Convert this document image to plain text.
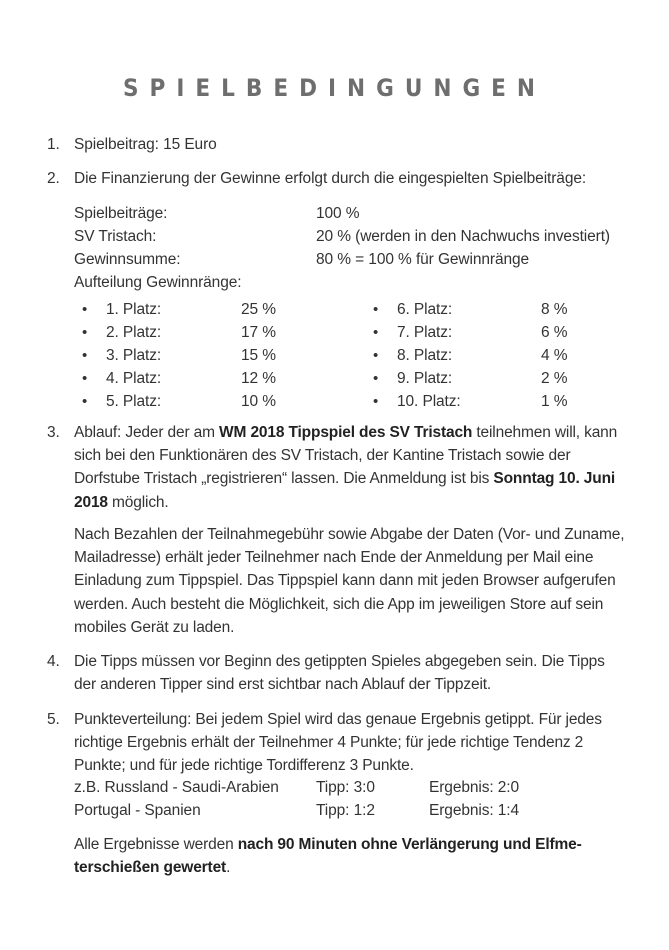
SPIELBEDINGUNGEN
1. Spielbeitrag: 15 Euro
2. Die Finanzierung der Gewinne erfolgt durch die eingespielten Spielbeiträge:
Spielbeiträge:	100 %
SV Tristach:	20 % (werden in den Nachwuchs investiert)
Gewinnsumme:	80 % = 100 % für Gewinnränge
Aufteilung Gewinnränge:
• 1. Platz:	25 %
• 2. Platz:	17 %
• 3. Platz:	15 %
• 4. Platz:	12 %
• 5. Platz:	10 %
• 6. Platz:	8 %
• 7. Platz:	6 %
• 8. Platz:	4 %
• 9. Platz:	2 %
• 10. Platz:	1 %
3. Ablauf: Jeder der am WM 2018 Tippspiel des SV Tristach teilnehmen will, kann sich bei den Funktionären des SV Tristach, der Kantine Tristach sowie der Dorfstube Tristach „registrieren“ lassen. Die Anmeldung ist bis Sonntag 10. Juni 2018 möglich.
Nach Bezahlen der Teilnahmegebühr sowie Abgabe der Daten (Vor- und Zuname, Mailadresse) erhält jeder Teilnehmer nach Ende der Anmeldung per Mail eine Einladung zum Tippspiel. Das Tippspiel kann dann mit jeden Browser aufgerufen werden. Auch besteht die Möglichkeit, sich die App im jeweiligen Store auf sein mobiles Gerät zu laden.
4. Die Tipps müssen vor Beginn des getippten Spieles abgegeben sein. Die Tipps der anderen Tipper sind erst sichtbar nach Ablauf der Tippzeit.
5. Punkteverteilung: Bei jedem Spiel wird das genaue Ergebnis getippt. Für jedes richtige Ergebnis erhält der Teilnehmer 4 Punkte; für jede richtige Tendenz 2 Punkte; und für jede richtige Tordifferenz 3 Punkte.
z.B. Russland - Saudi-Arabien Tipp: 3:0	Ergebnis: 2:0
Portugal - Spanien	Tipp: 1:2	Ergebnis: 1:4
Alle Ergebnisse werden nach 90 Minuten ohne Verlängerung und Elfme-terschießen gewertet.
